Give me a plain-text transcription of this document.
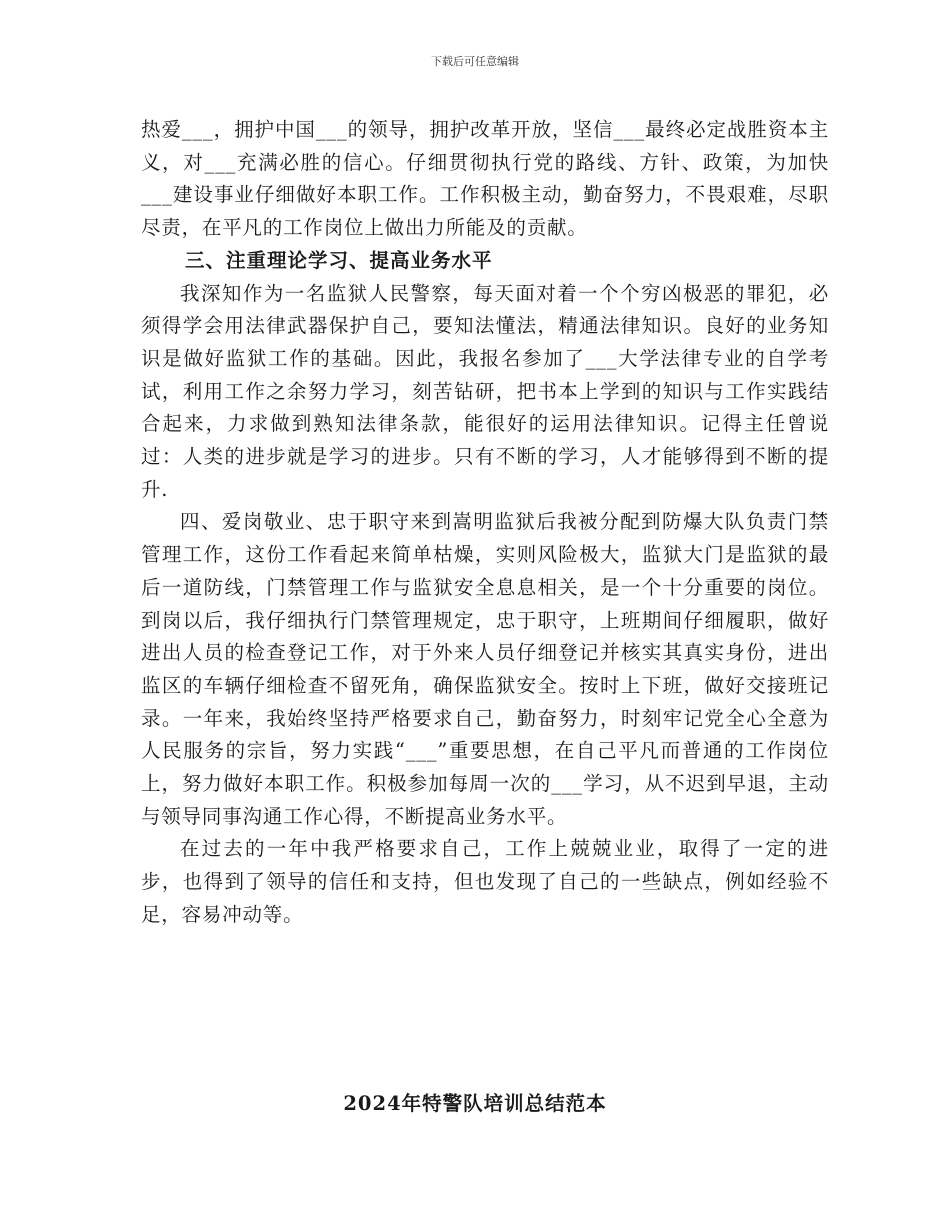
下载后可任意编辑

热爱___，拥护中国___的领导，拥护改革开放，坚信___最终必定战胜资本主义，对___充满必胜的信心。仔细贯彻执行党的路线、方针、政策，为加快___建设事业仔细做好本职工作。工作积极主动，勤奋努力，不畏艰难，尽职尽责，在平凡的工作岗位上做出力所能及的贡献。

三、注重理论学习、提高业务水平

我深知作为一名监狱人民警察，每天面对着一个个穷凶极恶的罪犯，必须得学会用法律武器保护自己，要知法懂法，精通法律知识。良好的业务知识是做好监狱工作的基础。因此，我报名参加了___大学法律专业的自学考试，利用工作之余努力学习，刻苦钻研，把书本上学到的知识与工作实践结合起来，力求做到熟知法律条款，能很好的运用法律知识。记得主任曾说过：人类的进步就是学习的进步。只有不断的学习，人才能够得到不断的提升.

四、爱岗敬业、忠于职守来到嵩明监狱后我被分配到防爆大队负责门禁管理工作，这份工作看起来简单枯燥，实则风险极大，监狱大门是监狱的最后一道防线，门禁管理工作与监狱安全息息相关，是一个十分重要的岗位。到岗以后，我仔细执行门禁管理规定，忠于职守，上班期间仔细履职，做好进出人员的检查登记工作，对于外来人员仔细登记并核实其真实身份，进出监区的车辆仔细检查不留死角，确保监狱安全。按时上下班，做好交接班记录。一年来，我始终坚持严格要求自己，勤奋努力，时刻牢记党全心全意为人民服务的宗旨，努力实践“___”重要思想，在自己平凡而普通的工作岗位上，努力做好本职工作。积极参加每周一次的___学习，从不迟到早退，主动与领导同事沟通工作心得，不断提高业务水平。

在过去的一年中我严格要求自己，工作上兢兢业业，取得了一定的进步，也得到了领导的信任和支持，但也发现了自己的一些缺点，例如经验不足，容易冲动等。

2024年特警队培训总结范本
